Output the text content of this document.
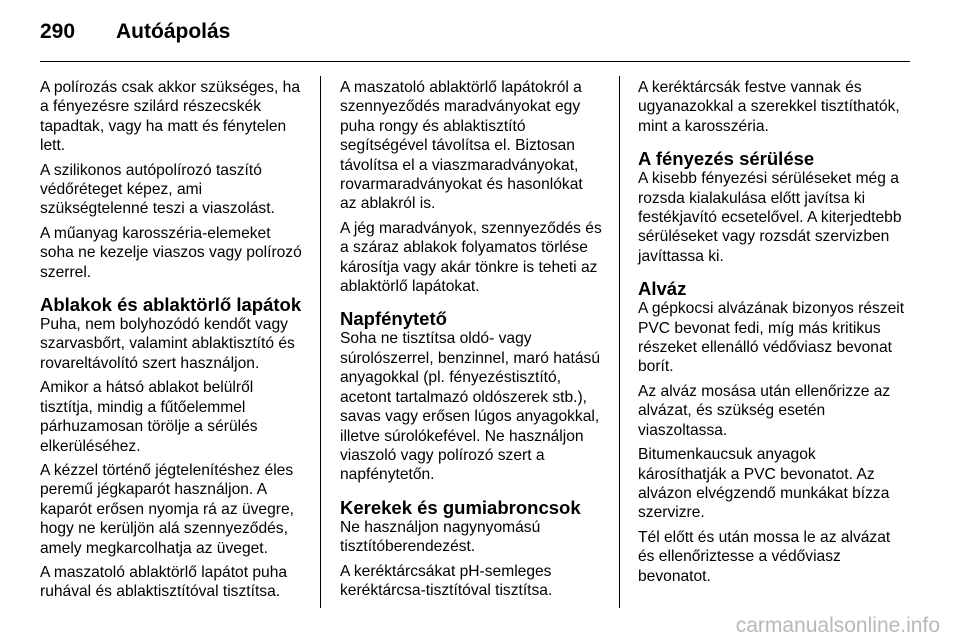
290 Autóápolás

A polírozás csak akkor szükséges, ha a fényezésre szilárd részecskék tapadtak, vagy ha matt és fénytelen lett.

A szilikonos autópolírozó taszító védőréteget képez, ami szükségtelenné teszi a viaszolást.

A műanyag karosszéria-elemeket soha ne kezelje viaszos vagy polírozó szerrel.

Ablakok és ablaktörlő lapátok

Puha, nem bolyhozódó kendőt vagy szarvasbőrt, valamint ablaktisztító és rovareltávolító szert használjon.

Amikor a hátsó ablakot belülről tisztítja, mindig a fűtőelemmel párhuzamosan törölje a sérülés elkerüléséhez.

A kézzel történő jégtelenítéshez éles peremű jégkaparót használjon. A kaparót erősen nyomja rá az üvegre, hogy ne kerüljön alá szennyeződés, amely megkarcolhatja az üveget.

A maszatoló ablaktörlő lapátot puha ruhával és ablaktisztítóval tisztítsa.

A maszatoló ablaktörlő lapátokról a szennyeződés maradványokat egy puha rongy és ablaktisztító segítségével távolítsa el. Biztosan távolítsa el a viaszmaradványokat, rovarmaradványokat és hasonlókat az ablakról is.

A jég maradványok, szennyeződés és a száraz ablakok folyamatos törlése károsítja vagy akár tönkre is teheti az ablaktörlő lapátokat.

Napfénytető

Soha ne tisztítsa oldó- vagy súrolószerrel, benzinnel, maró hatású anyagokkal (pl. fényezéstisztító, acetont tartalmazó oldószerek stb.), savas vagy erősen lúgos anyagokkal, illetve súrolókefével. Ne használjon viaszoló vagy polírozó szert a napfénytetőn.

Kerekek és gumiabroncsok

Ne használjon nagynyomású tisztítóberendezést.

A keréktárcsákat pH-semleges keréktárcsa-tisztítóval tisztítsa.

A keréktárcsák festve vannak és ugyanazokkal a szerekkel tisztíthatók, mint a karosszéria.

A fényezés sérülése

A kisebb fényezési sérüléseket még a rozsda kialakulása előtt javítsa ki festékjavító ecsetelővel. A kiterjedtebb sérüléseket vagy rozsdát szervizben javíttassa ki.

Alváz

A gépkocsi alvázának bizonyos részeit PVC bevonat fedi, míg más kritikus részeket ellenálló védőviasz bevonat borít.

Az alváz mosása után ellenőrizze az alvázat, és szükség esetén viaszoltassa.

Bitumenkaucsuk anyagok károsíthatják a PVC bevonatot. Az alvázon elvégzendő munkákat bízza szervizre.

Tél előtt és után mossa le az alvázat és ellenőriztesse a védőviasz bevonatot.

carmanualsonline.info
